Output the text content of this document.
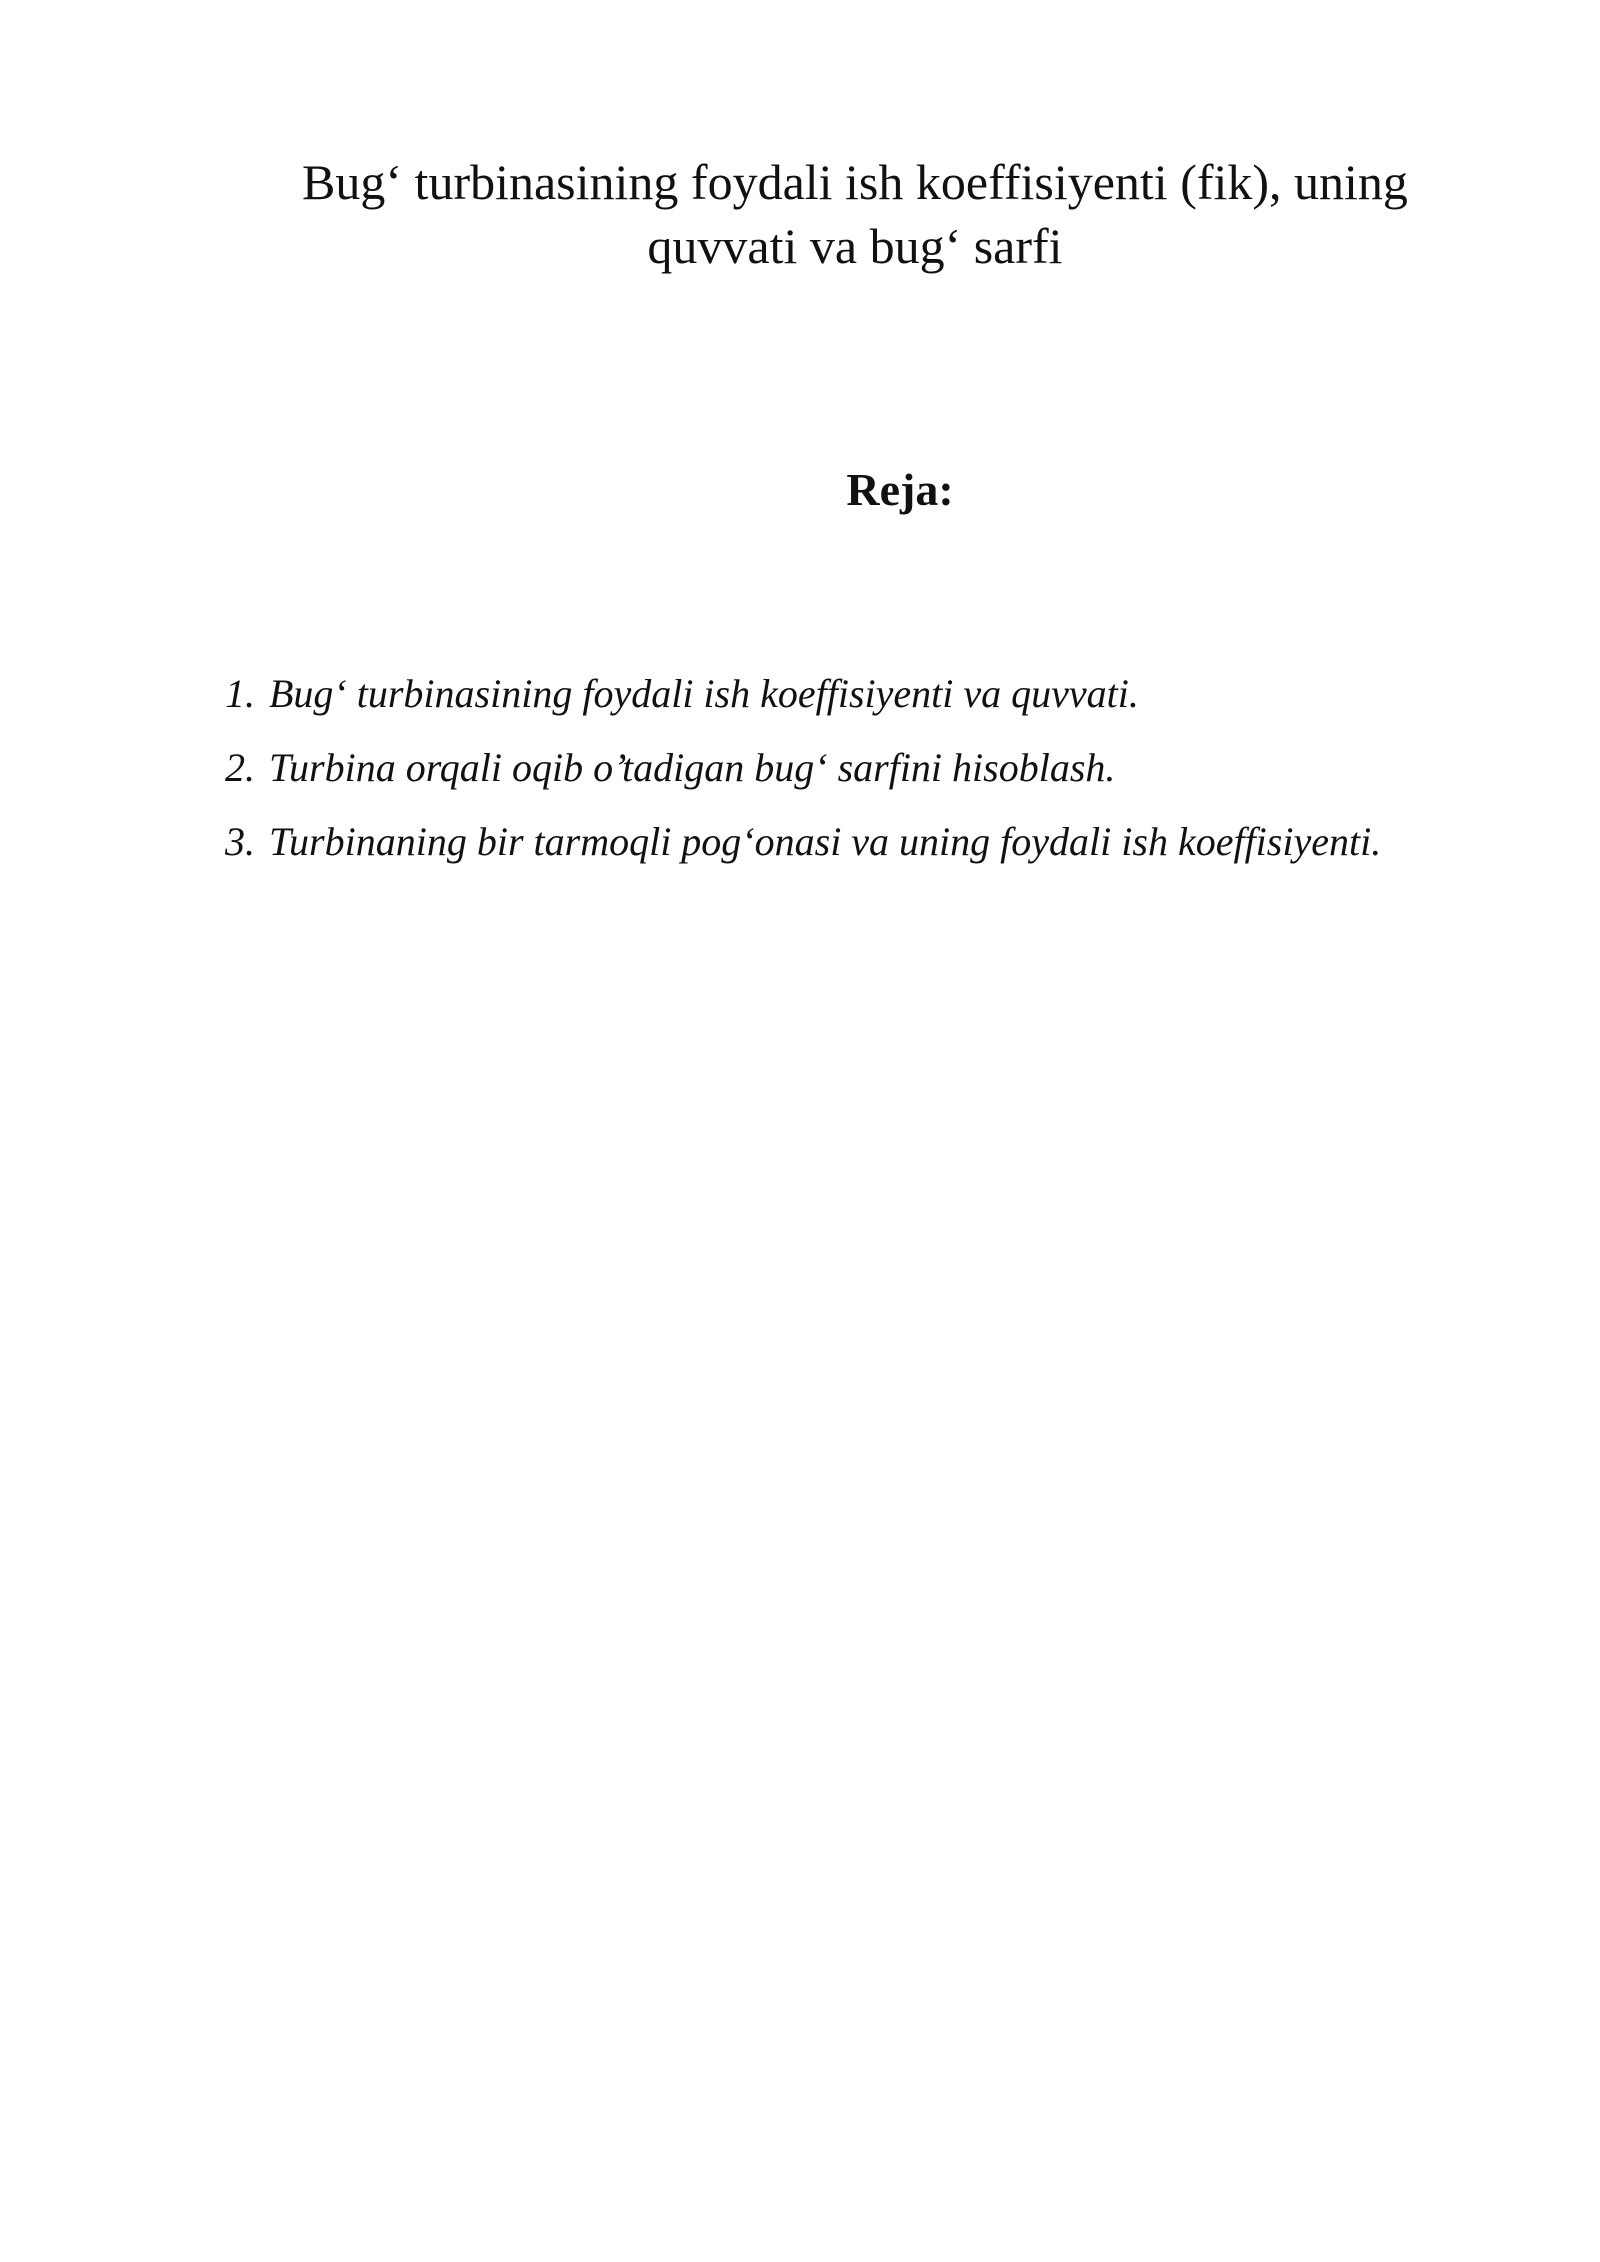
Bug‘ turbinasining foydali ish koeffisiyenti (fik), uning quvvati va bug‘ sarfi
Reja:
1. Bug‘ turbinasining foydali ish koeffisiyenti va quvvati.
2. Turbina orqali oqib o’tadigan bug‘ sarfini hisoblash.
3. Turbinaning bir tarmoqli pog‘onasi va uning foydali ish koeffisiyenti.
